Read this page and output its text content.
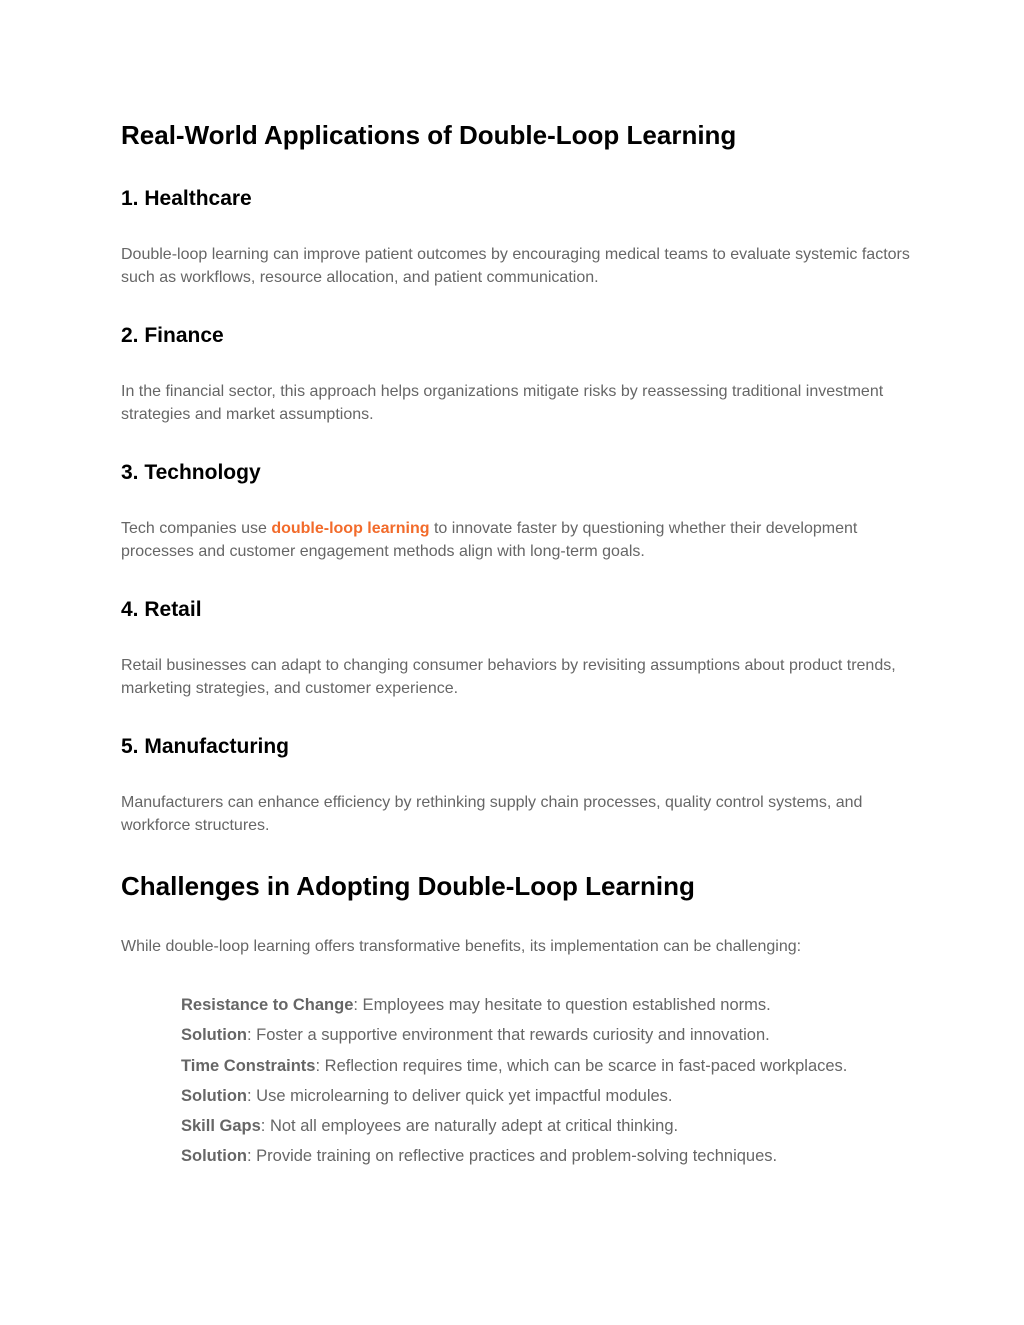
Real-World Applications of Double-Loop Learning
1. Healthcare

Double-loop learning can improve patient outcomes by encouraging medical teams to evaluate systemic factors such as workflows, resource allocation, and patient communication.

2. Finance

In the financial sector, this approach helps organizations mitigate risks by reassessing traditional investment strategies and market assumptions.

3. Technology

Tech companies use double-loop learning to innovate faster by questioning whether their development processes and customer engagement methods align with long-term goals.

4. Retail

Retail businesses can adapt to changing consumer behaviors by revisiting assumptions about product trends, marketing strategies, and customer experience.

5. Manufacturing

Manufacturers can enhance efficiency by rethinking supply chain processes, quality control systems, and workforce structures.

Challenges in Adopting Double-Loop Learning

While double-loop learning offers transformative benefits, its implementation can be challenging:

Resistance to Change: Employees may hesitate to question established norms.
Solution: Foster a supportive environment that rewards curiosity and innovation.
Time Constraints: Reflection requires time, which can be scarce in fast-paced workplaces.
Solution: Use microlearning to deliver quick yet impactful modules.
Skill Gaps: Not all employees are naturally adept at critical thinking.
Solution: Provide training on reflective practices and problem-solving techniques.
